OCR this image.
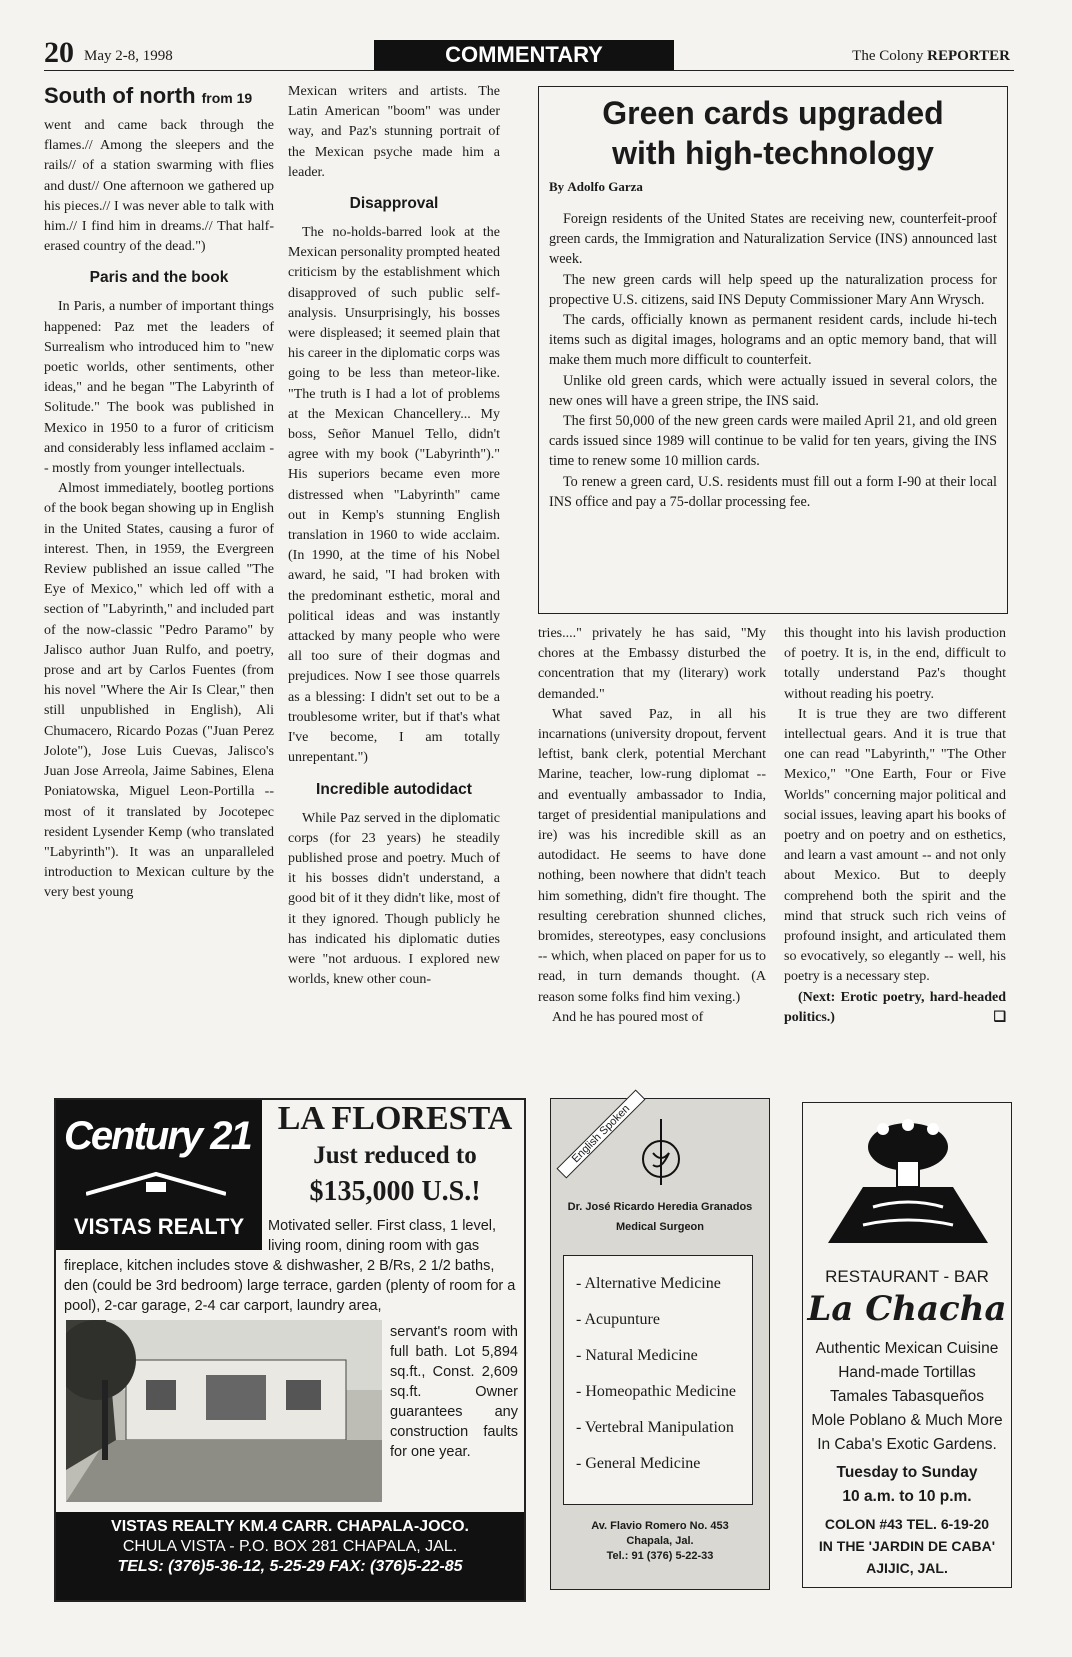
20 May 2-8, 1998	COMMENTARY	The Colony REPORTER
South of north from 19

went and came back through the flames.// Among the sleepers and the rails// of a station swarming with flies and dust// One afternoon we gathered up his pieces.// I was never able to talk with him.// I find him in dreams.// That half-erased country of the dead.")

Paris and the book

In Paris, a number of important things happened: Paz met the leaders of Surrealism who introduced him to "new poetic worlds, other sentiments, other ideas," and he began "The Labyrinth of Solitude." The book was published in Mexico in 1950 to a furor of criticism and considerably less inflamed acclaim -- mostly from younger intellectuals.

Almost immediately, bootleg portions of the book began showing up in English in the United States, causing a furor of interest. Then, in 1959, the Evergreen Review published an issue called "The Eye of Mexico," which led off with a section of "Labyrinth," and included part of the now-classic "Pedro Paramo" by Jalisco author Juan Rulfo, and poetry, prose and art by Carlos Fuentes (from his novel "Where the Air Is Clear," then still unpublished in English), Ali Chumacero, Ricardo Pozas ("Juan Perez Jolote"), Jose Luis Cuevas, Jalisco's Juan Jose Arreola, Jaime Sabines, Elena Poniatowska, Miguel Leon-Portilla -- most of it translated by Jocotepec resident Lysender Kemp (who translated "Labyrinth"). It was an unparalleled introduction to Mexican culture by the very best young

Mexican writers and artists. The Latin American "boom" was under way, and Paz's stunning portrait of the Mexican psyche made him a leader.

Disapproval

The no-holds-barred look at the Mexican personality prompted heated criticism by the establishment which disapproved of such public self-analysis. Unsurprisingly, his bosses were displeased; it seemed plain that his career in the diplomatic corps was going to be less than meteor-like. "The truth is I had a lot of problems at the Mexican Chancellery... My boss, Señor Manuel Tello, didn't agree with my book ("Labyrinth")." His superiors became even more distressed when "Labyrinth" came out in Kemp's stunning English translation in 1960 to wide acclaim. (In 1990, at the time of his Nobel award, he said, "I had broken with the predominant esthetic, moral and political ideas and was instantly attacked by many people who were all too sure of their dogmas and prejudices. Now I see those quarrels as a blessing: I didn't set out to be a troublesome writer, but if that's what I've become, I am totally unrepentant.")

Incredible autodidact

While Paz served in the diplomatic corps (for 23 years) he steadily published prose and poetry. Much of it his bosses didn't understand, a good bit of it they didn't like, most of it they ignored. Though publicly he has indicated his diplomatic duties were "not arduous. I explored new worlds, knew other coun-

Green cards upgraded
with high-technology
By Adolfo Garza

Foreign residents of the United States are receiving new, counterfeit-proof green cards, the Immigration and Naturalization Service (INS) announced last week.

The new green cards will help speed up the naturalization process for propective U.S. citizens, said INS Deputy Commissioner Mary Ann Wrysch.

The cards, officially known as permanent resident cards, include hi-tech items such as digital images, holograms and an optic memory band, that will make them much more difficult to counterfeit.

Unlike old green cards, which were actually issued in several colors, the new ones will have a green stripe, the INS said.

The first 50,000 of the new green cards were mailed April 21, and old green cards issued since 1989 will continue to be valid for ten years, giving the INS time to renew some 10 million cards.

To renew a green card, U.S. residents must fill out a form I-90 at their local INS office and pay a 75-dollar processing fee.

tries...." privately he has said, "My chores at the Embassy disturbed the concentration that my (literary) work demanded."

What saved Paz, in all his incarnations (university dropout, fervent leftist, bank clerk, potential Merchant Marine, teacher, low-rung diplomat -- and eventually ambassador to India, target of presidential manipulations and ire) was his incredible skill as an autodidact. He seems to have done nothing, been nowhere that didn't teach him something, didn't fire thought. The resulting cerebration shunned cliches, bromides, stereotypes, easy conclusions -- which, when placed on paper for us to read, in turn demands thought. (A reason some folks find him vexing.)

And he has poured most of

this thought into his lavish production of poetry. It is, in the end, difficult to totally understand Paz's thought without reading his poetry.

It is true they are two different intellectual gears. And it is true that one can read "Labyrinth," "The Other Mexico," "One Earth, Four or Five Worlds" concerning major political and social issues, leaving apart his books of poetry and on poetry and on esthetics, and learn a vast amount -- and not only about Mexico. But to deeply comprehend both the spirit and the mind that struck such rich veins of profound insight, and articulated them so evocatively, so elegantly -- well, his poetry is a necessary step.

(Next: Erotic poetry, hard-headed politics.)	❑

Century 21
VISTAS REALTY
LA FLORESTA
Just reduced to
$135,000 U.S.!
Motivated seller. First class, 1 level, living room, dining room with gas
fireplace, kitchen includes stove & dishwasher, 2 B/Rs, 2 1/2 baths, den (could be 3rd bedroom) large terrace, garden (plenty of room for a pool), 2-car garage, 2-4 car carport, laundry area,
servant's room with full bath. Lot 5,894 sq.ft., Const. 2,609 sq.ft. Owner guarantees any construction faults for one year.
VISTAS REALTY KM.4 CARR. CHAPALA-JOCO.
CHULA VISTA - P.O. BOX 281 CHAPALA, JAL.
TELS: (376)5-36-12, 5-25-29 FAX: (376)5-22-85
English Spoken
Dr. José Ricardo Heredia Granados
Medical Surgeon
- Alternative Medicine
- Acupunture
- Natural Medicine
- Homeopathic Medicine
- Vertebral Manipulation
- General Medicine
Av. Flavio Romero No. 453
Chapala, Jal.
Tel.: 91 (376) 5-22-33
RESTAURANT - BAR
La Chacha
Authentic Mexican Cuisine
Hand-made Tortillas
Tamales Tabasqueños
Mole Poblano & Much More
In Caba's Exotic Gardens.
Tuesday to Sunday
10 a.m. to 10 p.m.
COLON #43 TEL. 6-19-20
IN THE 'JARDIN DE CABA'
AJIJIC, JAL.
